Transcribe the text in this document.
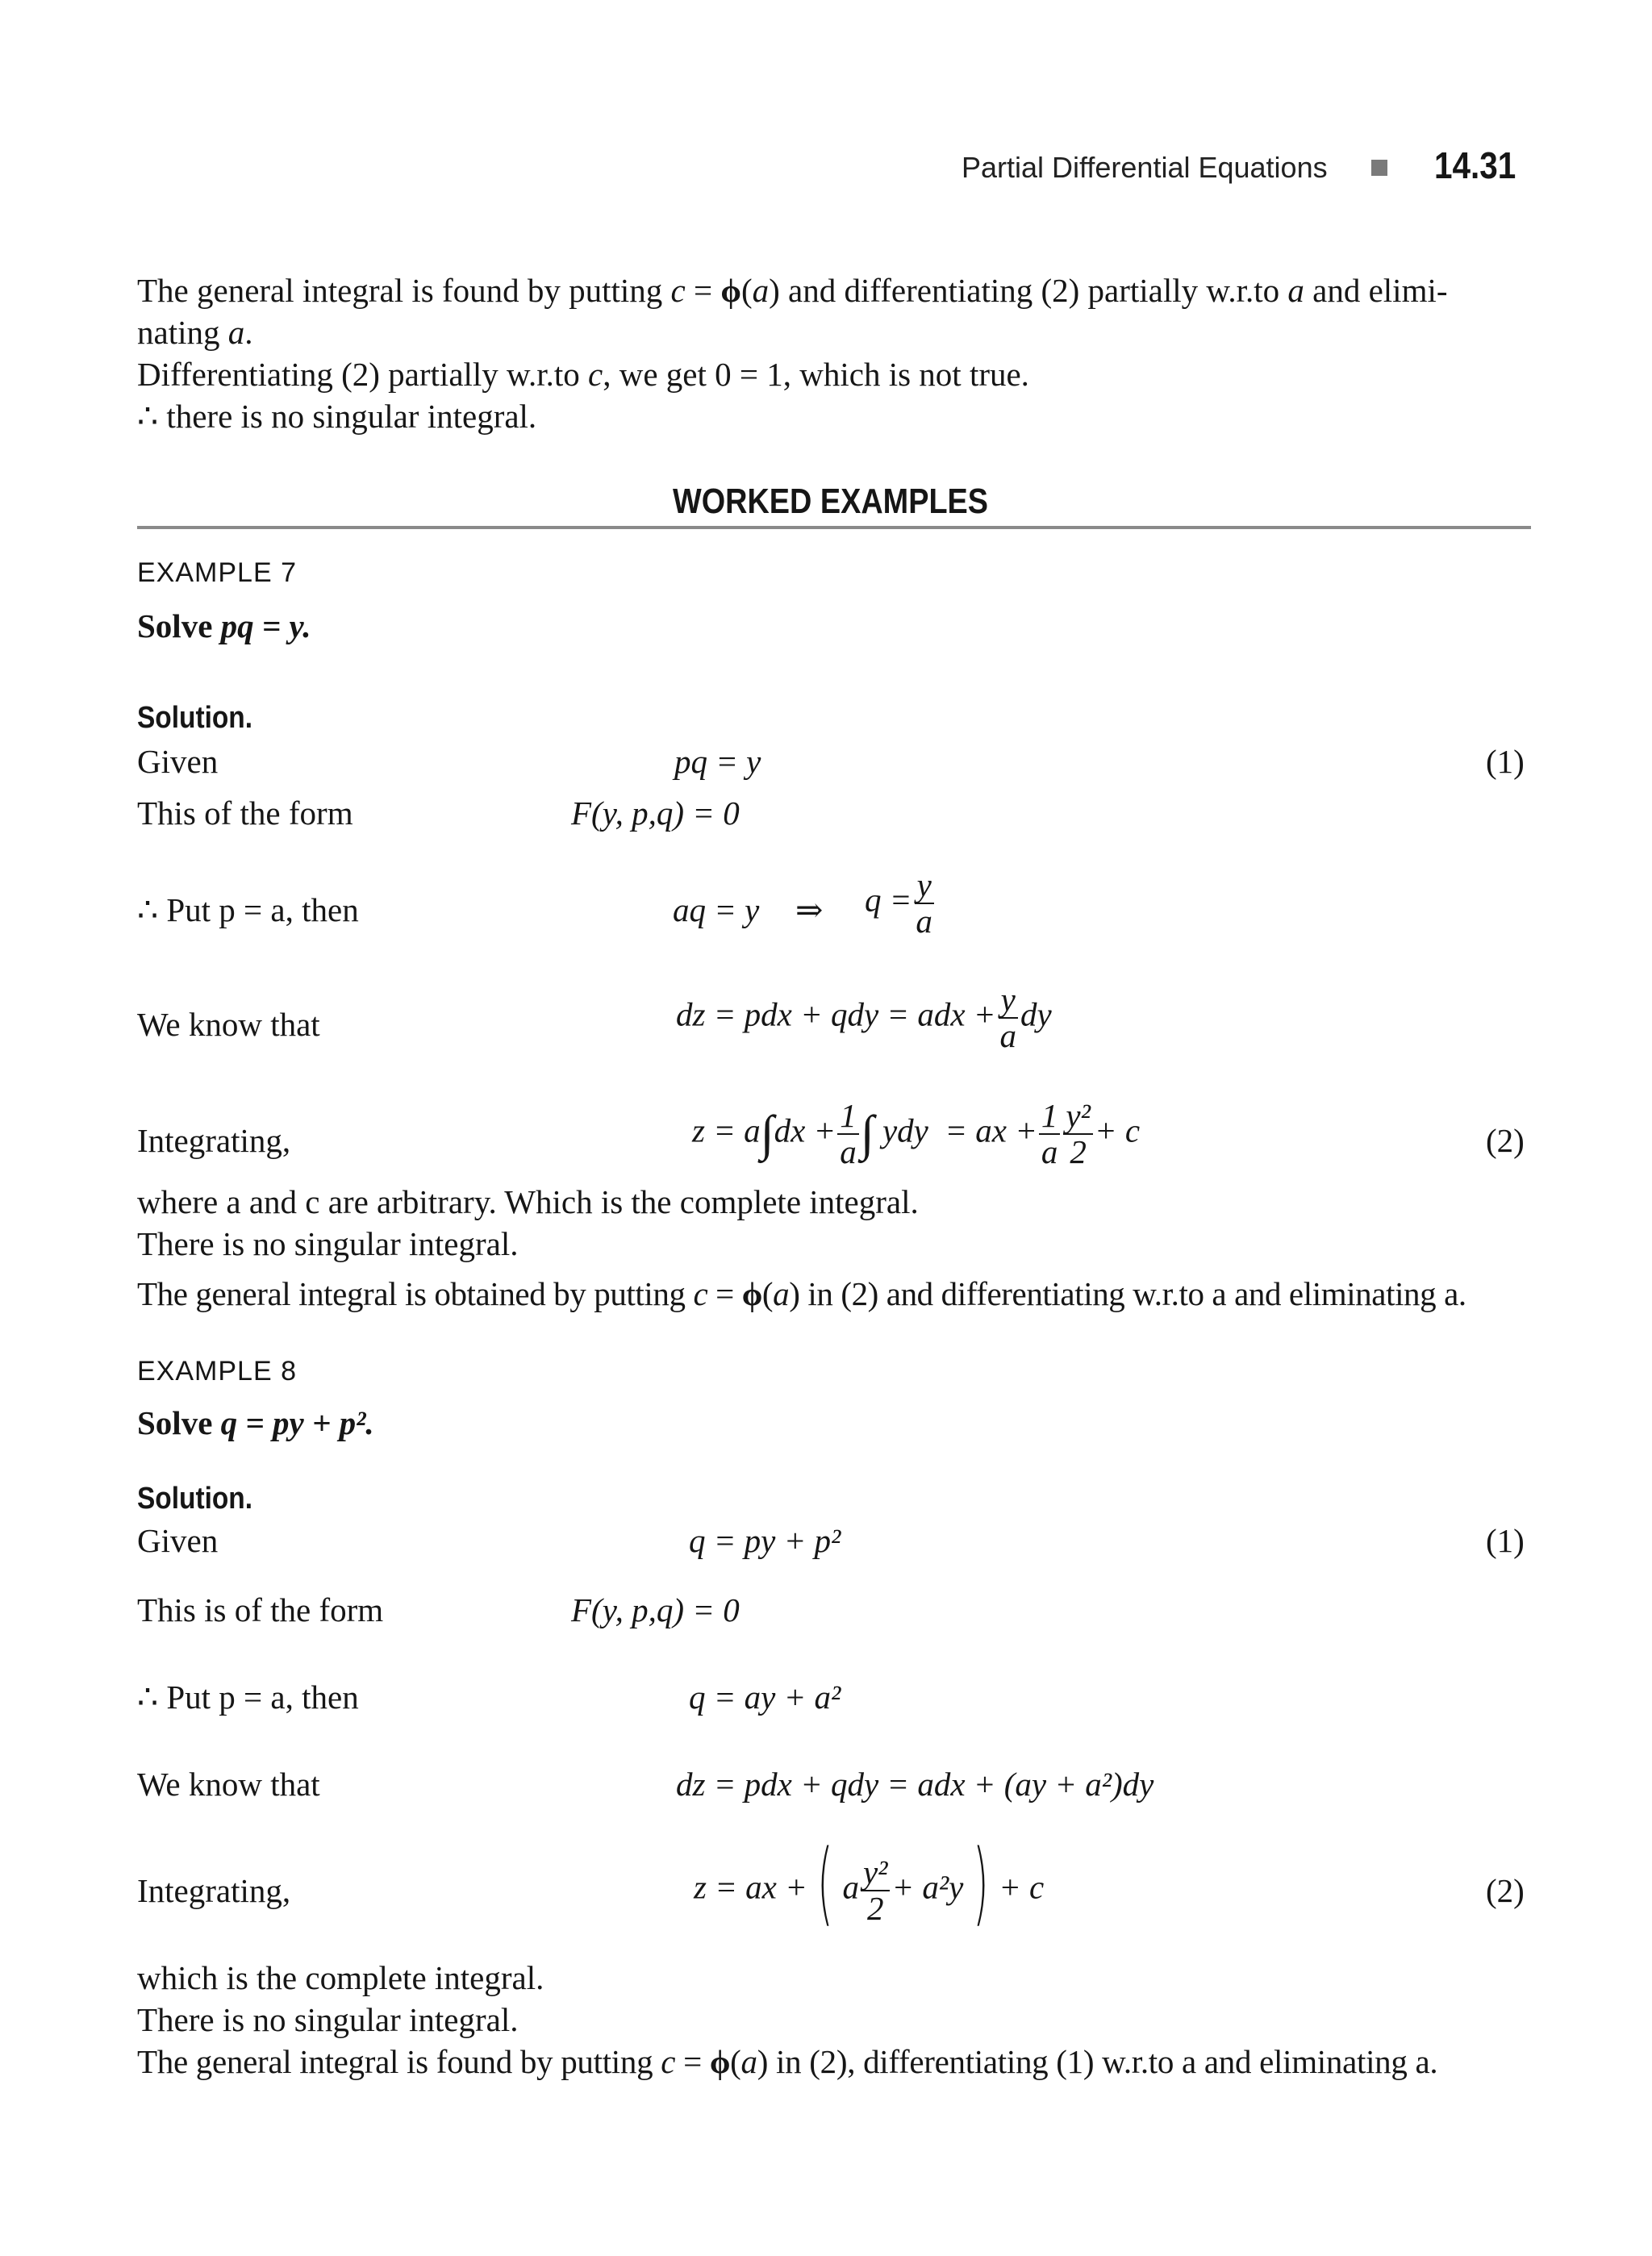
Partial Differential Equations	14.31
The general integral is found by putting c = ϕ(a) and differentiating (2) partially w.r.to a and elimi-
nating a.
Differentiating (2) partially w.r.to c, we get 0 = 1, which is not true.
∴ there is no singular integral.
WORKED EXAMPLES
EXAMPLE 7
Solve pq = y.
Solution.
Given	pq = y	(1)
This of the form	F(y, p,q) = 0
∴ Put p = a, then	aq = y ⇒ $q = \frac{y}{a}$
We know that	dz = pdx + qdy = adx + $\frac{y}{a}$ dy
Integrating,	$z = a\int dx + \frac{1}{a}$ ∫ ydy = ax + $\frac{1}{a} \frac{\text{y²}}{2} + c$	(2)
where a and c are arbitrary. Which is the complete integral.
There is no singular integral.
The general integral is obtained by putting c = ϕ(a) in (2) and differentiating w.r.to a and eliminating a.
EXAMPLE 8
Solve q = py + p².
Solution.
Given	q = py + p²	(1)
This is of the form	F(y, p,q) = 0
∴ Put p = a, then	q = ay + a²
We know that	dz = pdx + qdy = adx + (ay + a²)dy
Integrating,	z = ax + ( a $\frac{\text{y²}}{2} + a^2y$ ) + c	(2)
which is the complete integral.
There is no singular integral.
The general integral is found by putting c = ϕ(a) in (2), differentiating (1) w.r.to a and eliminating a.
